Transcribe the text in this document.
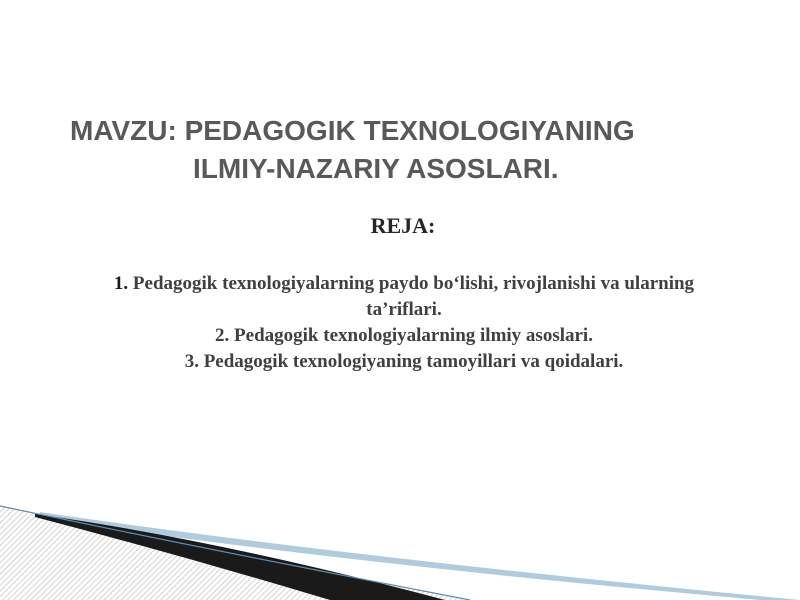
MAVZU: PEDAGOGIK TEXNOLOGIYANING
ILMIY-NAZARIY ASOSLARI.
REJA:
1. Pedagogik texnologiyalarning paydo bo‘lishi, rivojlanishi va ularning ta’riflari.
2. Pedagogik texnologiyalarning ilmiy asoslari.
3. Pedagogik texnologiyaning tamoyillari va qoidalari.
